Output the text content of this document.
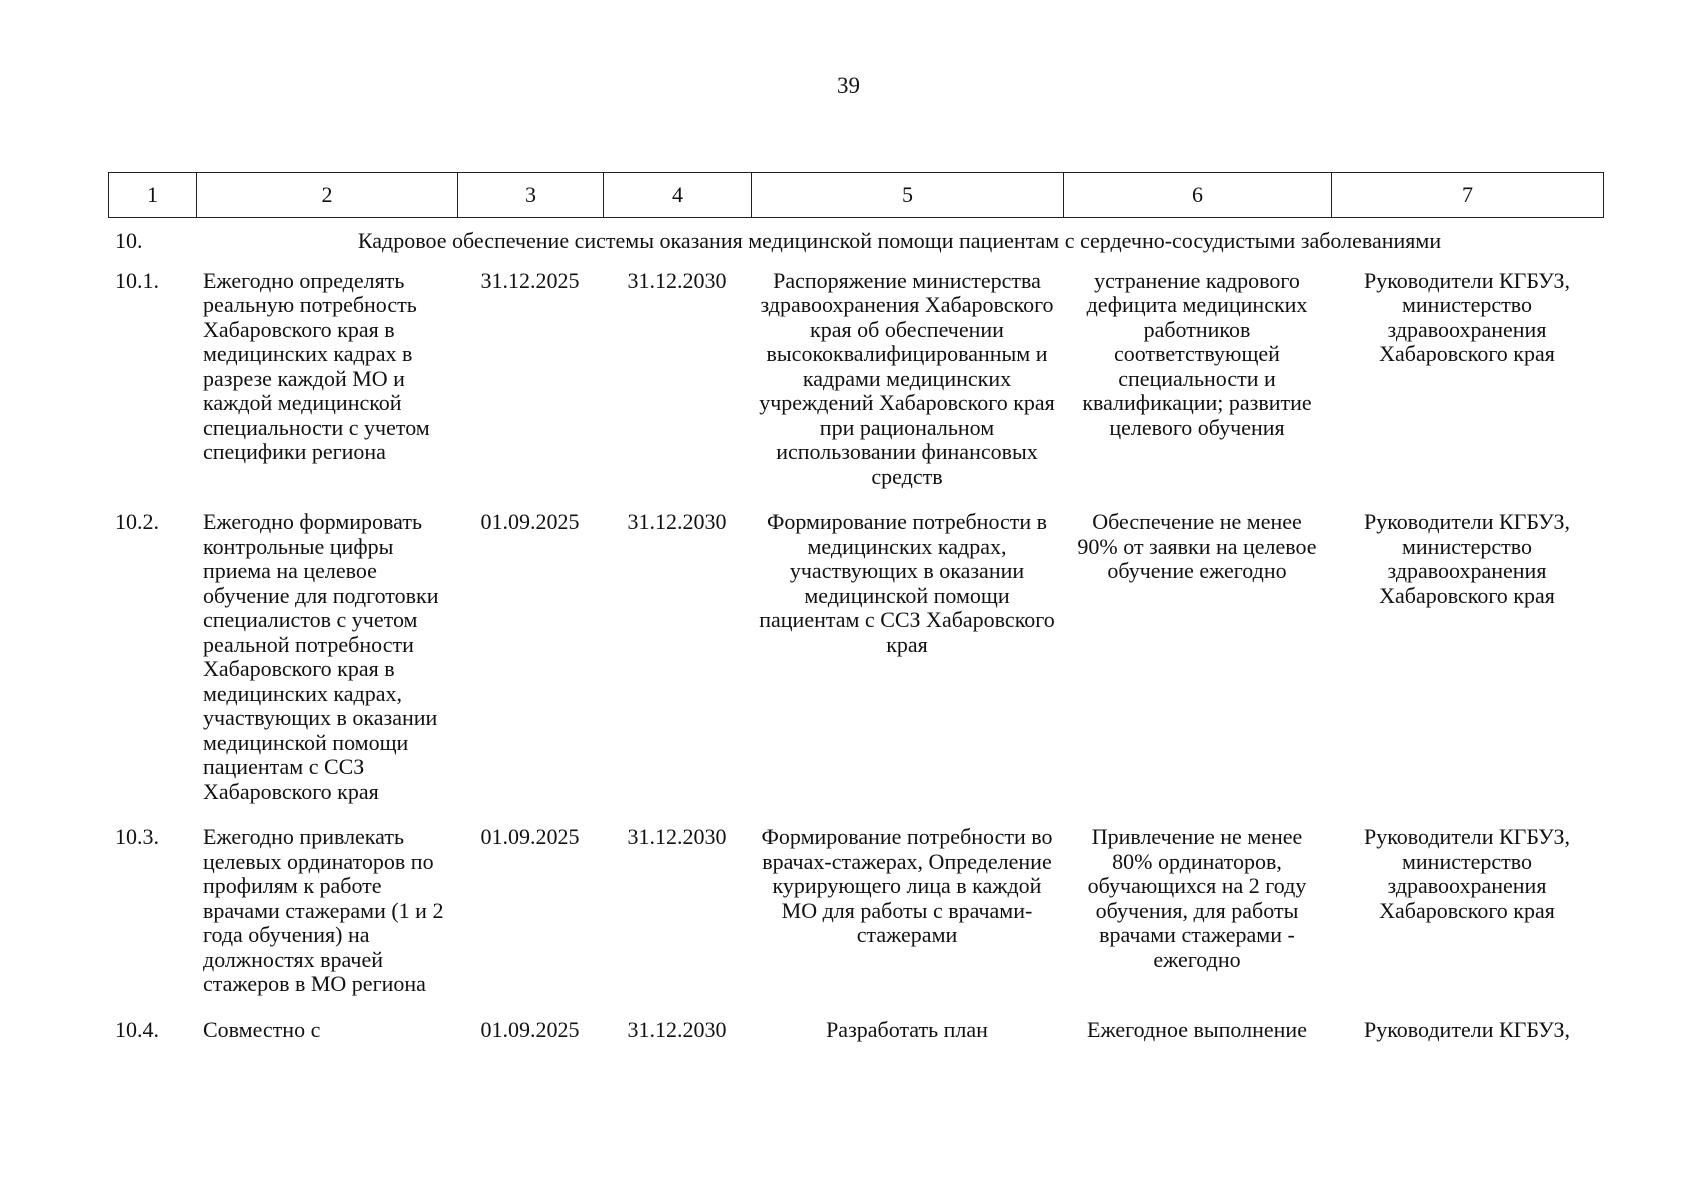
39
1	2	3	4	5	6	7
10.	Кадровое обеспечение системы оказания медицинской помощи пациентам с сердечно-сосудистыми заболеваниями					
10.1.	Ежегодно определять реальную потребность Хабаровского края в медицинских кадрах в разрезе каждой МО и каждой медицинской специальности с учетом специфики региона	31.12.2025	31.12.2030	Распоряжение министерства здравоохранения Хабаровского края об обеспечении высококвалифицированным и кадрами медицинских учреждений Хабаровского края при рациональном использовании финансовых средств	устранение кадрового дефицита медицинских работников соответствующей специальности и квалификации; развитие целевого обучения	Руководители КГБУЗ, министерство здравоохранения Хабаровского края
10.2.	Ежегодно формировать контрольные цифры приема на целевое обучение для подготовки специалистов с учетом реальной потребности Хабаровского края в медицинских кадрах, участвующих в оказании медицинской помощи пациентам с ССЗ Хабаровского края	01.09.2025	31.12.2030	Формирование потребности в медицинских кадрах, участвующих в оказании медицинской помощи пациентам с ССЗ Хабаровского края	Обеспечение не менее 90% от заявки на целевое обучение ежегодно	Руководители КГБУЗ, министерство здравоохранения Хабаровского края
10.3.	Ежегодно привлекать целевых ординаторов по профилям к работе врачами стажерами (1 и 2 года обучения) на должностях врачей стажеров в МО региона	01.09.2025	31.12.2030	Формирование потребности во врачах-стажерах, Определение курирующего лица в каждой МО для работы с врачами-стажерами	Привлечение не менее 80% ординаторов, обучающихся на 2 году обучения, для работы врачами стажерами - ежегодно	Руководители КГБУЗ, министерство здравоохранения Хабаровского края
10.4.	Совместно с	01.09.2025	31.12.2030	Разработать план	Ежегодное выполнение	Руководители КГБУЗ,
